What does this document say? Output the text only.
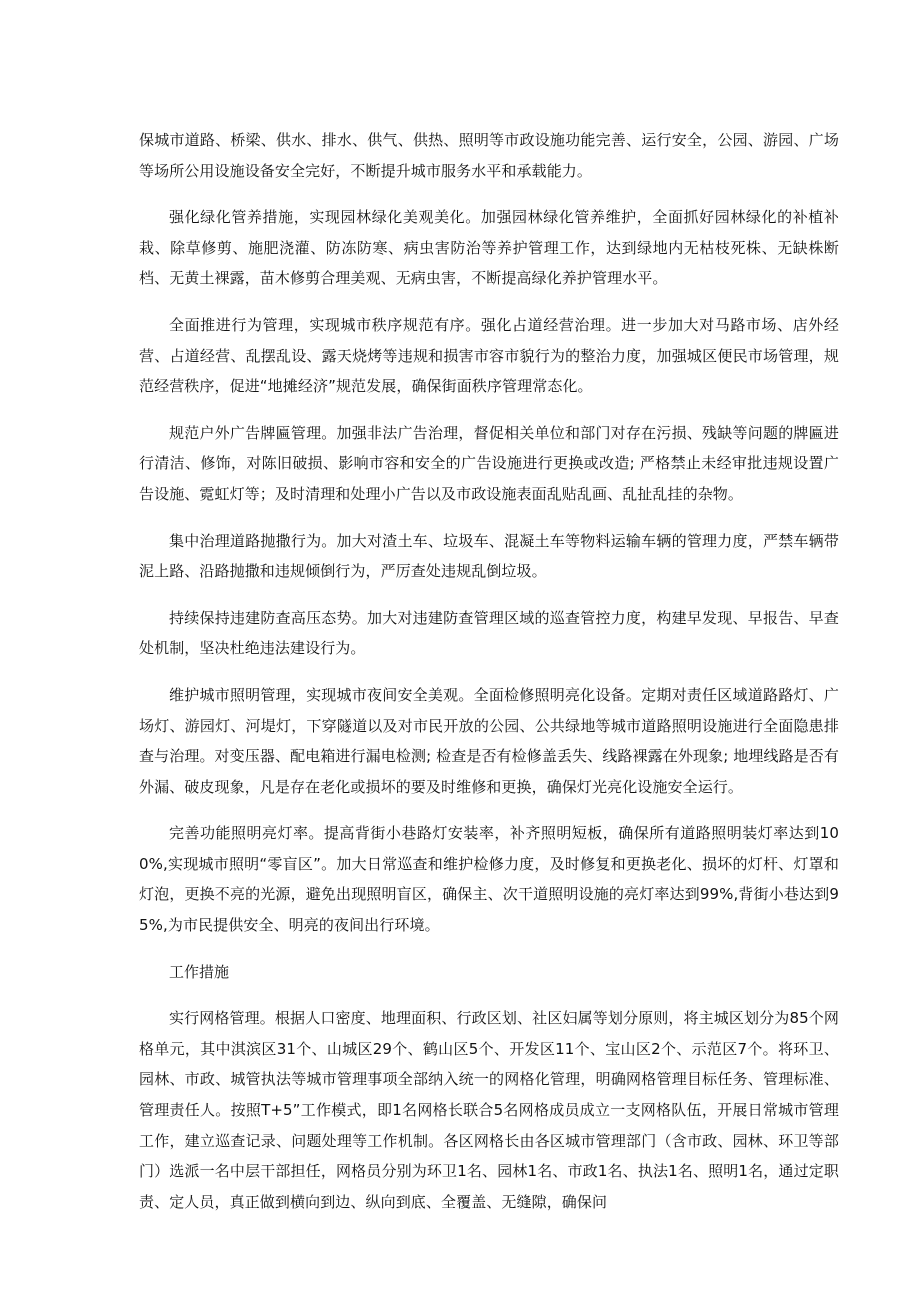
保城市道路、桥梁、供水、排水、供气、供热、照明等市政设施功能完善、运行安全，公园、游园、广场等场所公用设施设备安全完好，不断提升城市服务水平和承载能力。

强化绿化管养措施，实现园林绿化美观美化。加强园林绿化管养维护，全面抓好园林绿化的补植补栽、除草修剪、施肥浇灌、防冻防寒、病虫害防治等养护管理工作，达到绿地内无枯枝死株、无缺株断档、无黄土裸露，苗木修剪合理美观、无病虫害，不断提高绿化养护管理水平。

全面推进行为管理，实现城市秩序规范有序。强化占道经营治理。进一步加大对马路市场、店外经营、占道经营、乱摆乱设、露天烧烤等违规和损害市容市貌行为的整治力度，加强城区便民市场管理，规范经营秩序，促进“地摊经济”规范发展，确保街面秩序管理常态化。

规范户外广告牌匾管理。加强非法广告治理，督促相关单位和部门对存在污损、残缺等问题的牌匾进行清洁、修饰，对陈旧破损、影响市容和安全的广告设施进行更换或改造; 严格禁止未经审批违规设置广告设施、霓虹灯等；及时清理和处理小广告以及市政设施表面乱贴乱画、乱扯乱挂的杂物。

集中治理道路抛撒行为。加大对渣土车、垃圾车、混凝土车等物料运输车辆的管理力度，严禁车辆带泥上路、沿路抛撒和违规倾倒行为，严厉查处违规乱倒垃圾。

持续保持违建防查高压态势。加大对违建防查管理区域的巡查管控力度，构建早发现、早报告、早查处机制，坚决杜绝违法建设行为。

维护城市照明管理，实现城市夜间安全美观。全面检修照明亮化设备。定期对责任区域道路路灯、广场灯、游园灯、河堤灯，下穿隧道以及对市民开放的公园、公共绿地等城市道路照明设施进行全面隐患排查与治理。对变压器、配电箱进行漏电检测; 检查是否有检修盖丢失、线路裸露在外现象; 地埋线路是否有外漏、破皮现象，凡是存在老化或损坏的要及时维修和更换，确保灯光亮化设施安全运行。

完善功能照明亮灯率。提高背街小巷路灯安装率，补齐照明短板，确保所有道路照明装灯率达到100%,实现城市照明“零盲区”。加大日常巡查和维护检修力度，及时修复和更换老化、损坏的灯杆、灯罩和灯泡，更换不亮的光源，避免出现照明盲区，确保主、次干道照明设施的亮灯率达到99%,背街小巷达到95%,为市民提供安全、明亮的夜间出行环境。

工作措施

实行网格管理。根据人口密度、地理面积、行政区划、社区妇属等划分原则，将主城区划分为85个网格单元，其中淇滨区31个、山城区29个、鹤山区5个、开发区11个、宝山区2个、示范区7个。将环卫、园林、市政、城管执法等城市管理事项全部纳入统一的网格化管理，明确网格管理目标任务、管理标准、管理责任人。按照T+5”工作模式，即1名网格长联合5名网格成员成立一支网格队伍，开展日常城市管理工作，建立巡查记录、问题处理等工作机制。各区网格长由各区城市管理部门（含市政、园林、环卫等部门）选派一名中层干部担任，网格员分别为环卫1名、园林1名、市政1名、执法1名、照明1名，通过定职责、定人员，真正做到横向到边、纵向到底、全覆盖、无缝隙，确保问
